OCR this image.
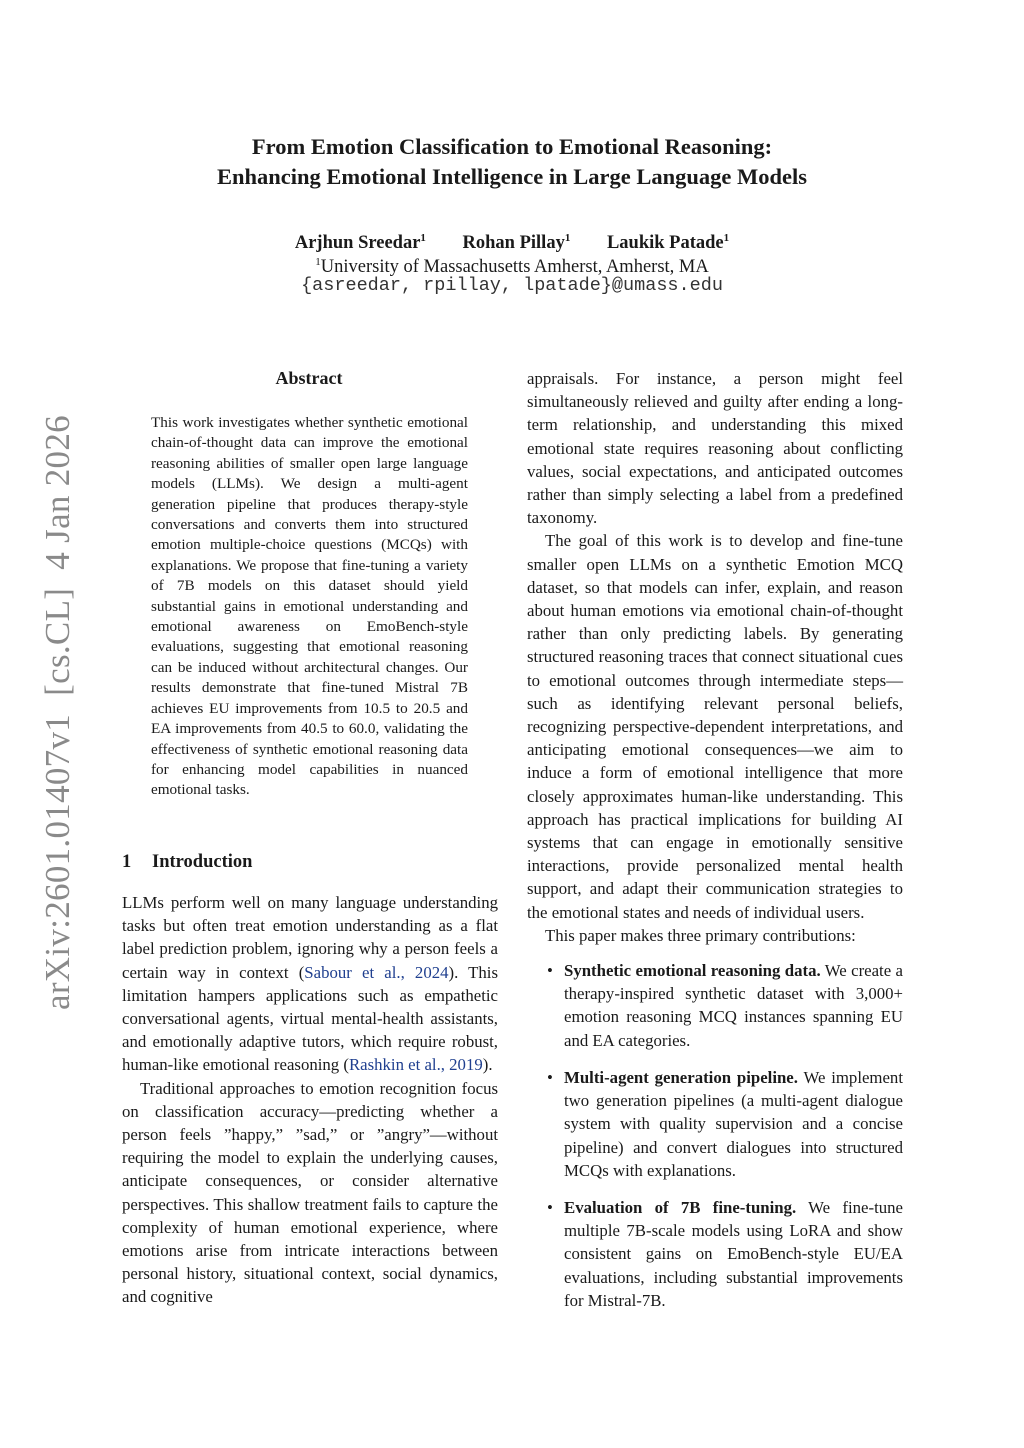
arXiv:2601.01407v1  [cs.CL]  4 Jan 2026
From Emotion Classification to Emotional Reasoning:
Enhancing Emotional Intelligence in Large Language Models
Arjhun Sreedar$^1$ Rohan Pillay$^1$ Laukik Patade$^1$
$^1$University of Massachusetts Amherst, Amherst, MA
{asreedar, rpillay, lpatade}@umass.edu
Abstract
This work investigates whether synthetic emotional chain-of-thought data can improve the emotional reasoning abilities of smaller open large language models (LLMs). We design a multi-agent generation pipeline that produces therapy-style conversations and converts them into structured emotion multiple-choice questions (MCQs) with explanations. We propose that fine-tuning a variety of 7B models on this dataset should yield substantial gains in emotional understanding and emotional awareness on EmoBench-style evaluations, suggesting that emotional reasoning can be induced without architectural changes. Our results demonstrate that fine-tuned Mistral 7B achieves EU improvements from 10.5 to 20.5 and EA improvements from 40.5 to 60.0, validating the effectiveness of synthetic emotional reasoning data for enhancing model capabilities in nuanced emotional tasks.
1 Introduction

LLMs perform well on many language understanding tasks but often treat emotion understanding as a flat label prediction problem, ignoring why a person feels a certain way in context (Sabour et al., 2024). This limitation hampers applications such as empathetic conversational agents, virtual mental-health assistants, and emotionally adaptive tutors, which require robust, human-like emotional reasoning (Rashkin et al., 2019).

Traditional approaches to emotion recognition focus on classification accuracy—predicting whether a person feels ”happy,” ”sad,” or ”angry”—without requiring the model to explain the underlying causes, anticipate consequences, or consider alternative perspectives. This shallow treatment fails to capture the complexity of human emotional experience, where emotions arise from intricate interactions between personal history, situational context, social dynamics, and cognitive

appraisals. For instance, a person might feel simultaneously relieved and guilty after ending a long-term relationship, and understanding this mixed emotional state requires reasoning about conflicting values, social expectations, and anticipated outcomes rather than simply selecting a label from a predefined taxonomy.

The goal of this work is to develop and fine-tune smaller open LLMs on a synthetic Emotion MCQ dataset, so that models can infer, explain, and reason about human emotions via emotional chain-of-thought rather than only predicting labels. By generating structured reasoning traces that connect situational cues to emotional outcomes through intermediate steps—such as identifying relevant personal beliefs, recognizing perspective-dependent interpretations, and anticipating emotional consequences—we aim to induce a form of emotional intelligence that more closely approximates human-like understanding. This approach has practical implications for building AI systems that can engage in emotionally sensitive interactions, provide personalized mental health support, and adapt their communication strategies to the emotional states and needs of individual users.

This paper makes three primary contributions:

• Synthetic emotional reasoning data. We create a therapy-inspired synthetic dataset with 3,000+ emotion reasoning MCQ instances spanning EU and EA categories.
• Multi-agent generation pipeline. We implement two generation pipelines (a multi-agent dialogue system with quality supervision and a concise pipeline) and convert dialogues into structured MCQs with explanations.
• Evaluation of 7B fine-tuning. We fine-tune multiple 7B-scale models using LoRA and show consistent gains on EmoBench-style EU/EA evaluations, including substantial improvements for Mistral-7B.
